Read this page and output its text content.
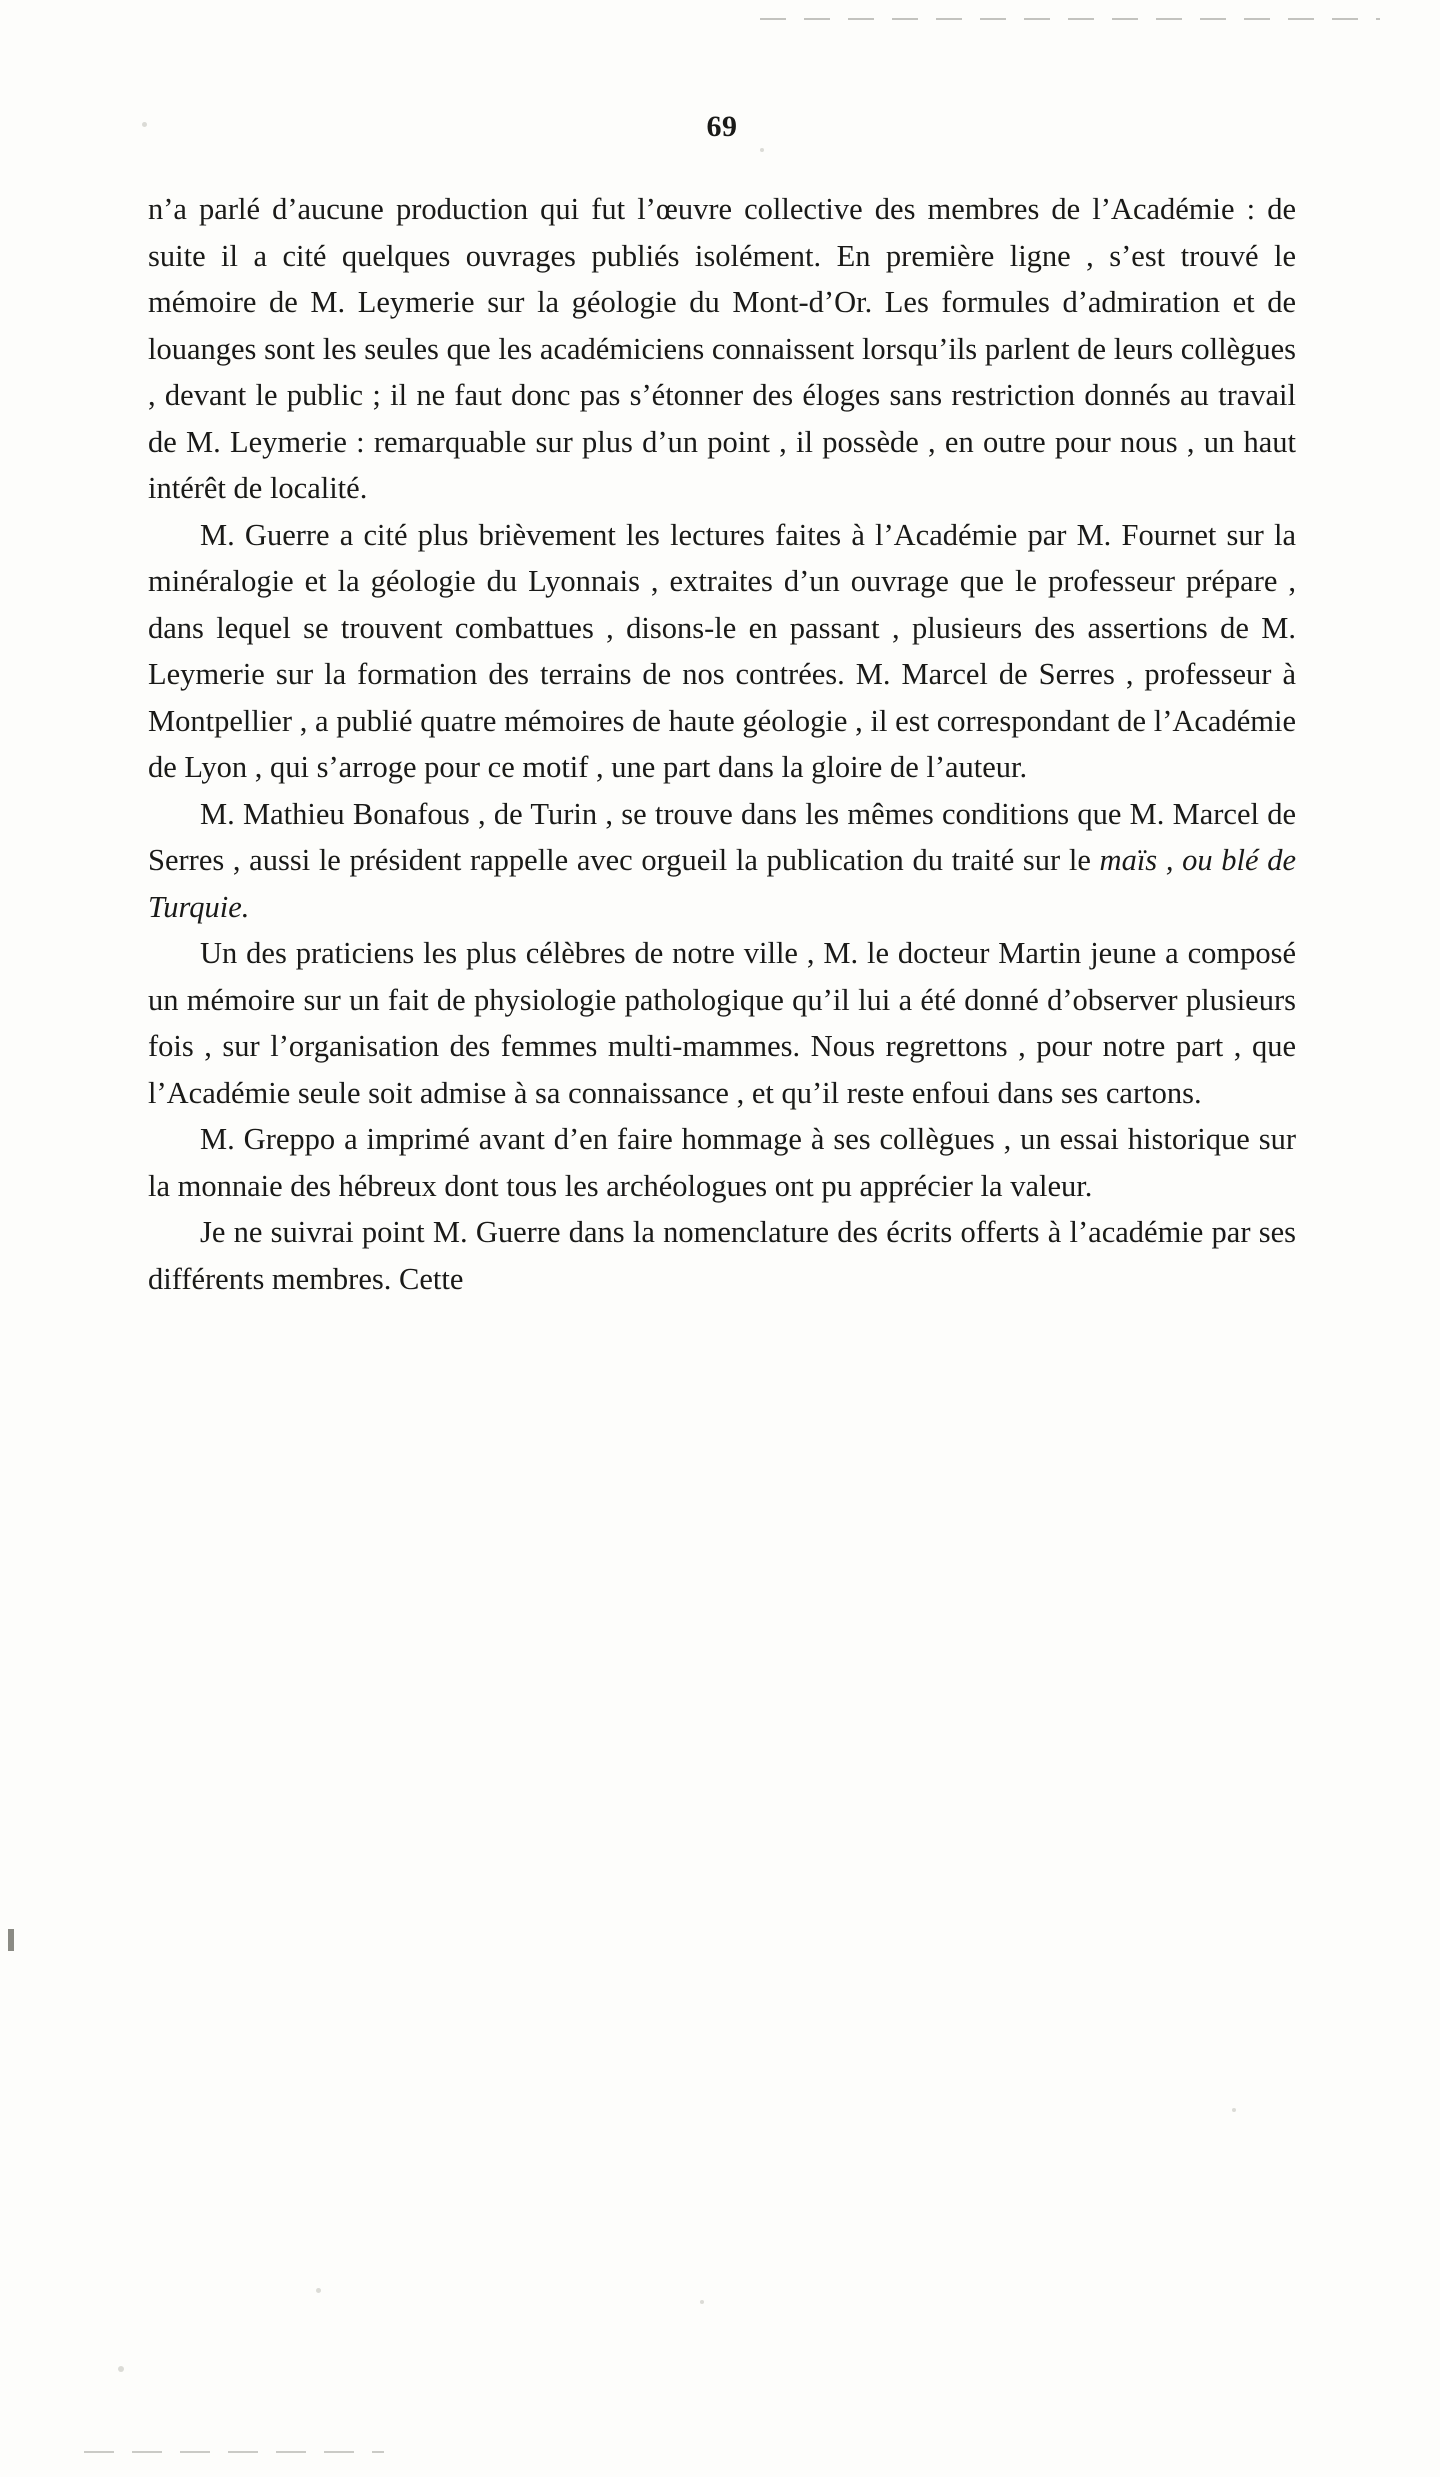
69

n’a parlé d’aucune production qui fut l’œuvre collective des membres de l’Académie : de suite il a cité quelques ouvrages publiés isolément. En première ligne , s’est trouvé le mémoire de M. Leymerie sur la géologie du Mont-d’Or. Les formules d’admiration et de louanges sont les seules que les académiciens connaissent lorsqu’ils parlent de leurs collègues , devant le public ; il ne faut donc pas s’étonner des éloges sans restriction donnés au travail de M. Leymerie : remarquable sur plus d’un point , il possède , en outre pour nous , un haut intérêt de localité.

M. Guerre a cité plus brièvement les lectures faites à l’Académie par M. Fournet sur la minéralogie et la géologie du Lyonnais , extraites d’un ouvrage que le professeur prépare , dans lequel se trouvent combattues , disons-le en passant , plusieurs des assertions de M. Leymerie sur la formation des terrains de nos contrées. M. Marcel de Serres , professeur à Montpellier , a publié quatre mémoires de haute géologie , il est correspondant de l’Académie de Lyon , qui s’arroge pour ce motif , une part dans la gloire de l’auteur.

M. Mathieu Bonafous , de Turin , se trouve dans les mêmes conditions que M. Marcel de Serres , aussi le président rappelle avec orgueil la publication du traité sur le maïs , ou blé de Turquie.

Un des praticiens les plus célèbres de notre ville , M. le docteur Martin jeune a composé un mémoire sur un fait de physiologie pathologique qu’il lui a été donné d’observer plusieurs fois , sur l’organisation des femmes multi-mammes. Nous regrettons , pour notre part , que l’Académie seule soit admise à sa connaissance , et qu’il reste enfoui dans ses cartons.

M. Greppo a imprimé avant d’en faire hommage à ses collègues , un essai historique sur la monnaie des hébreux dont tous les archéologues ont pu apprécier la valeur.

Je ne suivrai point M. Guerre dans la nomenclature des écrits offerts à l’académie par ses différents membres. Cette
